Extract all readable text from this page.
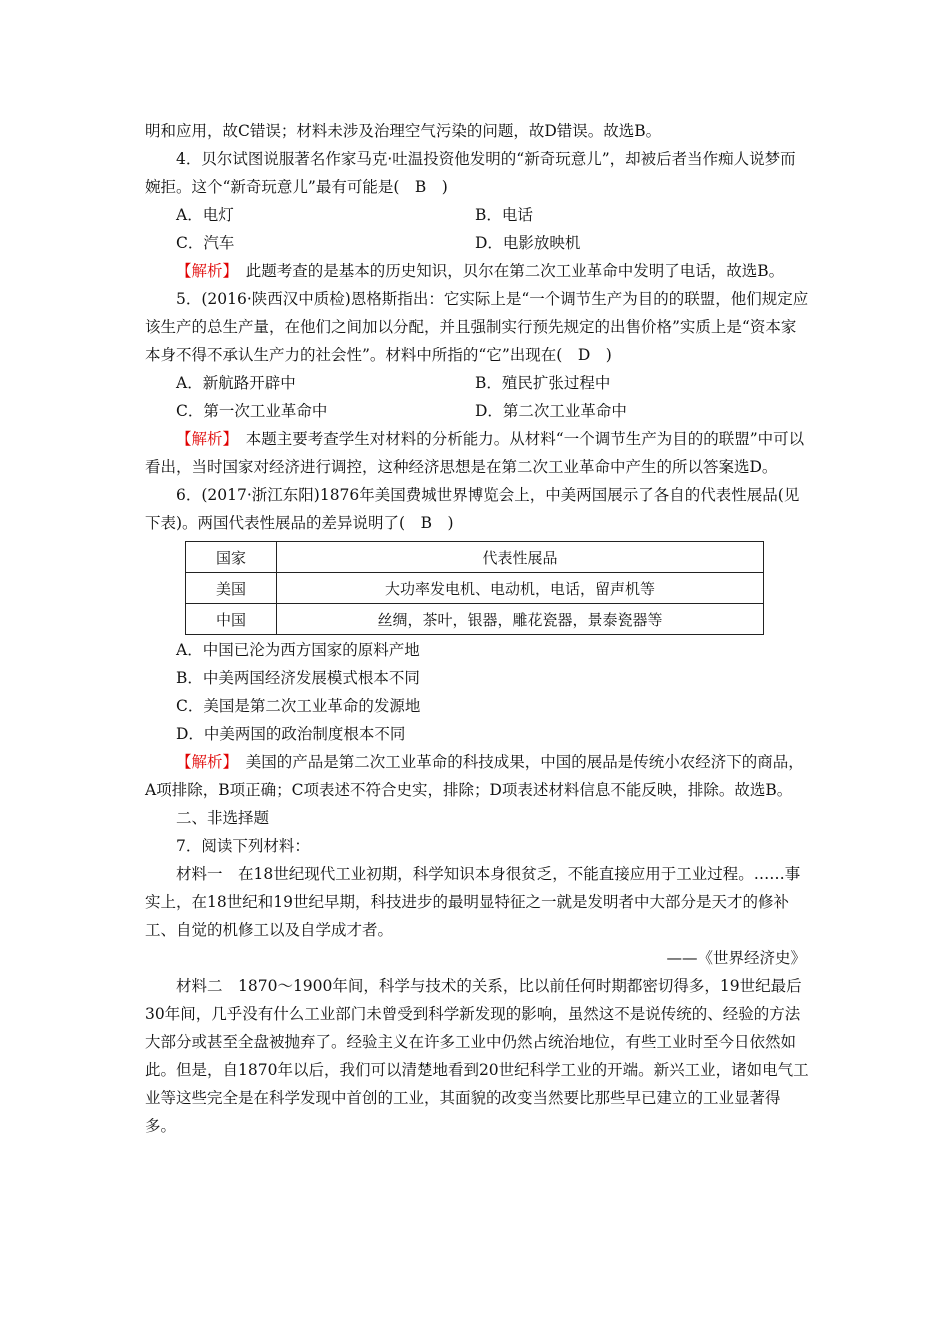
明和应用，故C错误；材料未涉及治理空气污染的问题，故D错误。故选B。

4．贝尔试图说服著名作家马克·吐温投资他发明的“新奇玩意儿”，却被后者当作痴人说梦而婉拒。这个“新奇玩意儿”最有可能是(　B　)

A．电灯	B．电话
C．汽车	D．电影放映机

【解析】　此题考查的是基本的历史知识，贝尔在第二次工业革命中发明了电话，故选B。

5．(2016·陕西汉中质检)恩格斯指出：它实际上是“一个调节生产为目的的联盟，他们规定应该生产的总生产量，在他们之间加以分配，并且强制实行预先规定的出售价格”实质上是“资本家本身不得不承认生产力的社会性”。材料中所指的“它”出现在(　D　)

A．新航路开辟中	B．殖民扩张过程中
C．第一次工业革命中	D．第二次工业革命中

【解析】　本题主要考查学生对材料的分析能力。从材料“一个调节生产为目的的联盟”中可以看出，当时国家对经济进行调控，这种经济思想是在第二次工业革命中产生的所以答案选D。

6．(2017·浙江东阳)1876年美国费城世界博览会上，中美两国展示了各自的代表性展品(见下表)。两国代表性展品的差异说明了(　B　)

国家	代表性展品
美国	大功率发电机、电动机，电话，留声机等
中国	丝绸，茶叶，银器，雕花瓷器，景泰瓷器等

A．中国已沦为西方国家的原料产地

B．中美两国经济发展模式根本不同

C．美国是第二次工业革命的发源地

D．中美两国的政治制度根本不同

【解析】　美国的产品是第二次工业革命的科技成果，中国的展品是传统小农经济下的商品，A项排除，B项正确；C项表述不符合史实，排除；D项表述材料信息不能反映，排除。故选B。

二、非选择题

7．阅读下列材料：

材料一　在18世纪现代工业初期，科学知识本身很贫乏，不能直接应用于工业过程。……事实上，在18世纪和19世纪早期，科技进步的最明显特征之一就是发明者中大部分是天才的修补工、自觉的机修工以及自学成才者。

——《世界经济史》

材料二　1870～1900年间，科学与技术的关系，比以前任何时期都密切得多，19世纪最后30年间，几乎没有什么工业部门未曾受到科学新发现的影响，虽然这不是说传统的、经验的方法大部分或甚至全盘被抛弃了。经验主义在许多工业中仍然占统治地位，有些工业时至今日依然如此。但是，自1870年以后，我们可以清楚地看到20世纪科学工业的开端。新兴工业，诸如电气工业等这些完全是在科学发现中首创的工业，其面貌的改变当然要比那些早已建立的工业显著得多。
